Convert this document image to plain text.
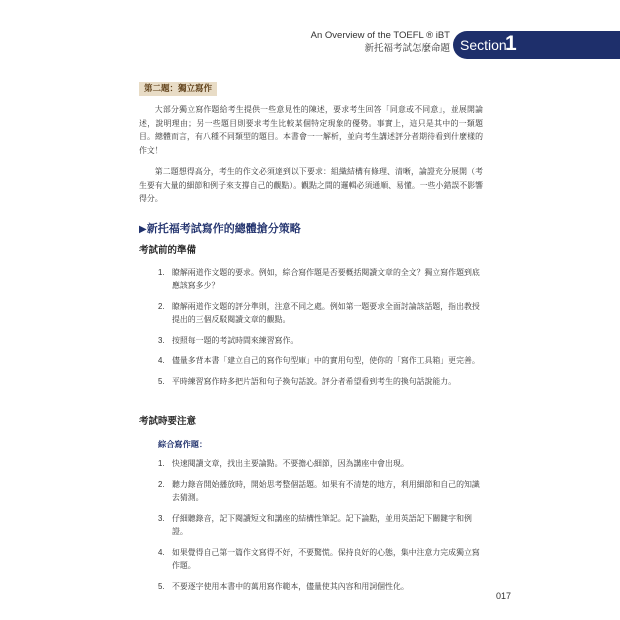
An Overview of the TOEFL ® iBT
新托福考試怎麼命題 Section
1
第二題：獨立寫作

大部分獨立寫作題給考生提供一些意見性的陳述，要求考生回答「同意或不同意」，並展開論述，說明理由；另一些題目則要求考生比較某個特定現象的優勢。事實上，這只是其中的一類題目。總體而言，有八種不同類型的題目。本書會一一解析，並向考生講述評分者期待看到什麼樣的作文！

第二題想得高分，考生的作文必須達到以下要求：組織結構有條理、清晰，論證充分展開（考生要有大量的細節和例子來支撐自己的觀點）。觀點之間的邏輯必須通順、易懂。一些小錯誤不影響得分。

▶新托福考試寫作的總體搶分策略
考試前的準備
1. 瞭解兩道作文題的要求。例如，綜合寫作題是否要概括閱讀文章的全文？獨立寫作題到底應該寫多少？
2. 瞭解兩道作文題的評分準則，注意不同之處。例如第一題要求全面討論該話題，指出教授提出的三個反駁閱讀文章的觀點。
3. 按照每一題的考試時間來練習寫作。
4. 儘量多背本書「建立自己的寫作句型庫」中的實用句型，使你的「寫作工具箱」更完善。
5. 平時練習寫作時多把片語和句子換句話說。評分者希望看到考生的換句話說能力。
考試時要注意
綜合寫作題：
1. 快速閱讀文章，找出主要論點。不要擔心細節，因為講座中會出現。
2. 聽力錄音開始播放時，開始思考整個話題。如果有不清楚的地方，利用細節和自己的知識去猜測。
3. 仔細聽錄音，記下閱讀短文和講座的結構性筆記。記下論點，並用英語記下關鍵字和例證。
4. 如果覺得自己第一篇作文寫得不好，不要驚慌。保持良好的心態，集中注意力完成獨立寫作題。
5. 不要逐字使用本書中的萬用寫作範本，儘量使其內容和用詞個性化。
017
